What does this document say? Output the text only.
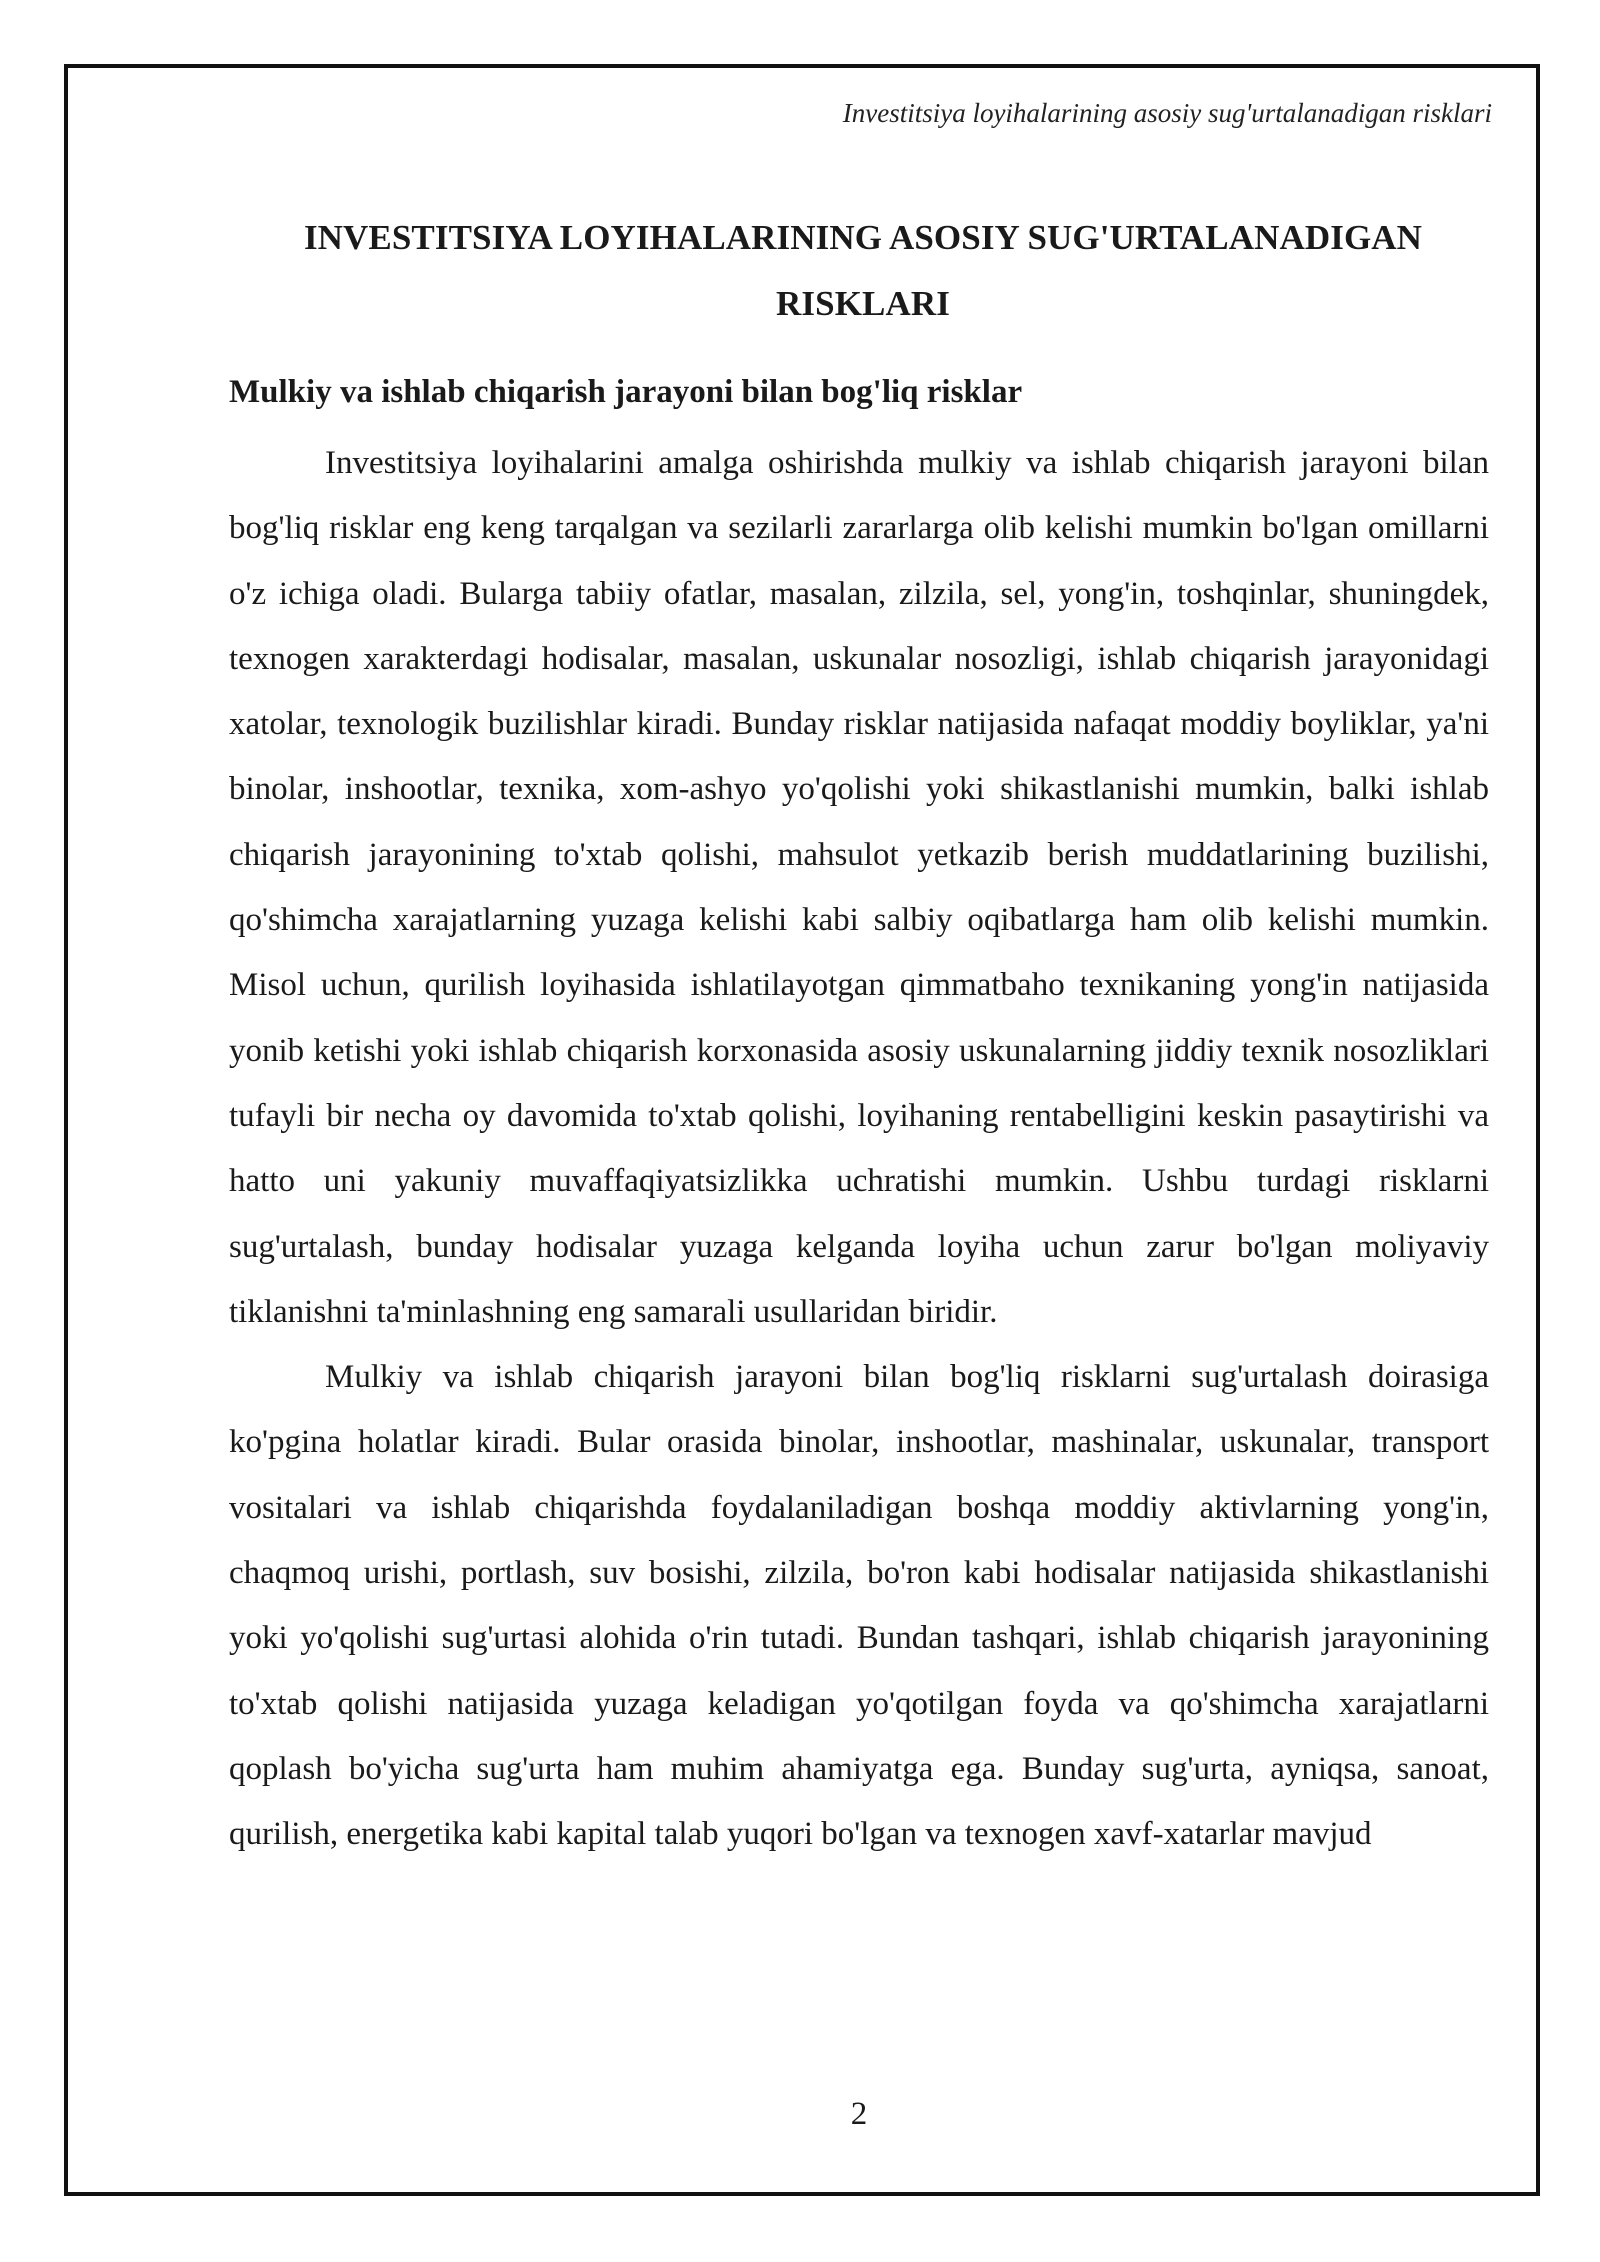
Investitsiya loyihalarining asosiy sug'urtalanadigan risklari
INVESTITSIYA LOYIHALARINING ASOSIY SUG'URTALANADIGAN RISKLARI
Mulkiy va ishlab chiqarish jarayoni bilan bog'liq risklar

Investitsiya loyihalarini amalga oshirishda mulkiy va ishlab chiqarish jarayoni bilan bog'liq risklar eng keng tarqalgan va sezilarli zararlarga olib kelishi mumkin bo'lgan omillarni o'z ichiga oladi. Bularga tabiiy ofatlar, masalan, zilzila, sel, yong'in, toshqinlar, shuningdek, texnogen xarakterdagi hodisalar, masalan, uskunalar nosozligi, ishlab chiqarish jarayonidagi xatolar, texnologik buzilishlar kiradi. Bunday risklar natijasida nafaqat moddiy boyliklar, ya'ni binolar, inshootlar, texnika, xom-ashyo yo'qolishi yoki shikastlanishi mumkin, balki ishlab chiqarish jarayonining to'xtab qolishi, mahsulot yetkazib berish muddatlarining buzilishi, qo'shimcha xarajatlarning yuzaga kelishi kabi salbiy oqibatlarga ham olib kelishi mumkin. Misol uchun, qurilish loyihasida ishlatilayotgan qimmatbaho texnikaning yong'in natijasida yonib ketishi yoki ishlab chiqarish korxonasida asosiy uskunalarning jiddiy texnik nosozliklari tufayli bir necha oy davomida to'xtab qolishi, loyihaning rentabelligini keskin pasaytirishi va hatto uni yakuniy muvaffaqiyatsizlikka uchratishi mumkin. Ushbu turdagi risklarni sug'urtalash, bunday hodisalar yuzaga kelganda loyiha uchun zarur bo'lgan moliyaviy tiklanishni ta'minlashning eng samarali usullaridan biridir.

Mulkiy va ishlab chiqarish jarayoni bilan bog'liq risklarni sug'urtalash doirasiga ko'pgina holatlar kiradi. Bular orasida binolar, inshootlar, mashinalar, uskunalar, transport vositalari va ishlab chiqarishda foydalaniladigan boshqa moddiy aktivlarning yong'in, chaqmoq urishi, portlash, suv bosishi, zilzila, bo'ron kabi hodisalar natijasida shikastlanishi yoki yo'qolishi sug'urtasi alohida o'rin tutadi. Bundan tashqari, ishlab chiqarish jarayonining to'xtab qolishi natijasida yuzaga keladigan yo'qotilgan foyda va qo'shimcha xarajatlarni qoplash bo'yicha sug'urta ham muhim ahamiyatga ega. Bunday sug'urta, ayniqsa, sanoat, qurilish, energetika kabi kapital talab yuqori bo'lgan va texnogen xavf-xatarlar mavjud

2
